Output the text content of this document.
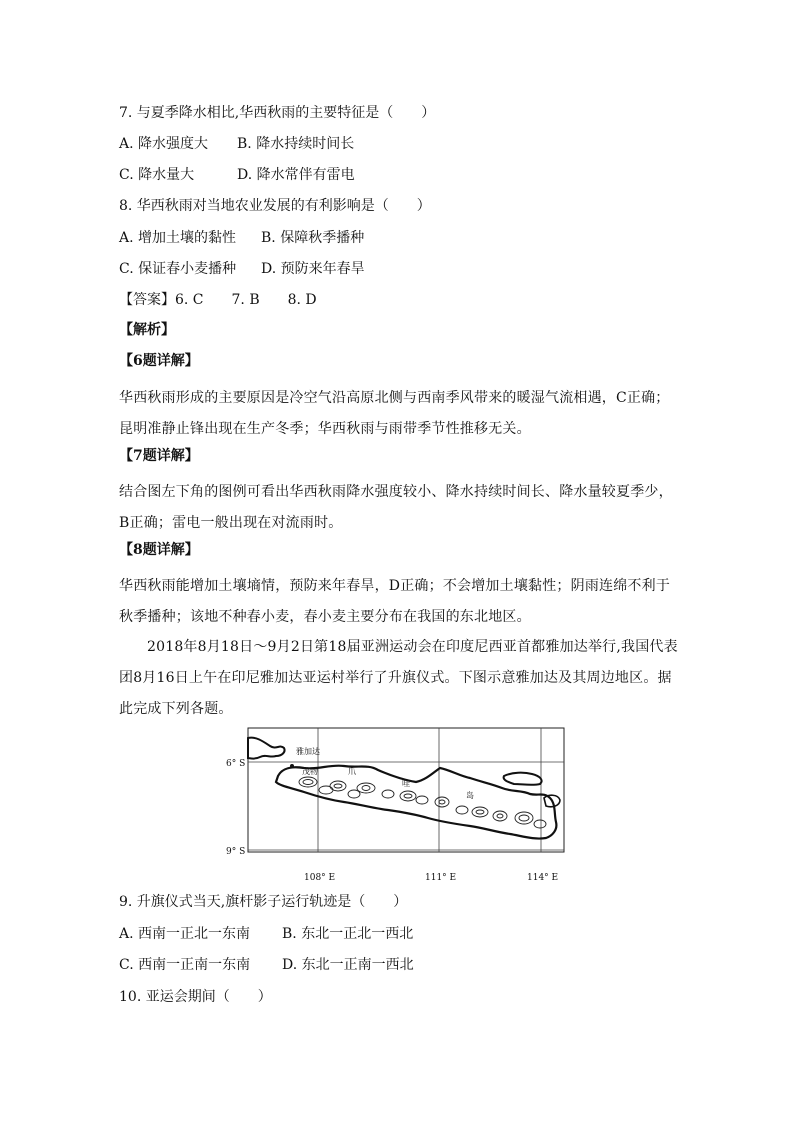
7. 与夏季降水相比,华西秋雨的主要特征是（　　）
A. 降水强度大 B. 降水持续时间长
C. 降水量大	D. 降水常伴有雷电
8. 华西秋雨对当地农业发展的有利影响是（　　）
A. 增加土壤的黏性 B. 保障秋季播种
C. 保证春小麦播种 D. 预防来年春旱
【答案】6. C　　7. B　　8. D
【解析】
【6题详解】
华西秋雨形成的主要原因是冷空气沿高原北侧与西南季风带来的暖湿气流相遇，C正确；昆明准静止锋出现在生产冬季；华西秋雨与雨带季节性推移无关。
【7题详解】
结合图左下角的图例可看出华西秋雨降水强度较小、降水持续时间长、降水量较夏季少，B正确；雷电一般出现在对流雨时。
【8题详解】
华西秋雨能增加土壤墒情，预防来年春旱，D正确；不会增加土壤黏性；阴雨连绵不利于秋季播种；该地不种春小麦，春小麦主要分布在我国的东北地区。
2018年8月18日～9月2日第18届亚洲运动会在印度尼西亚首都雅加达举行,我国代表团8月16日上午在印尼雅加达亚运村举行了升旗仪式。下图示意雅加达及其周边地区。据此完成下列各题。
雅加达
茂物	爪
哇
岛
6° S
9° S
108° E	111° E	114° E
9. 升旗仪式当天,旗杆影子运行轨迹是（　　）
A. 西南一正北一东南 B. 东北一正北一西北
C. 西南一正南一东南 D. 东北一正南一西北
10. 亚运会期间（　　）
